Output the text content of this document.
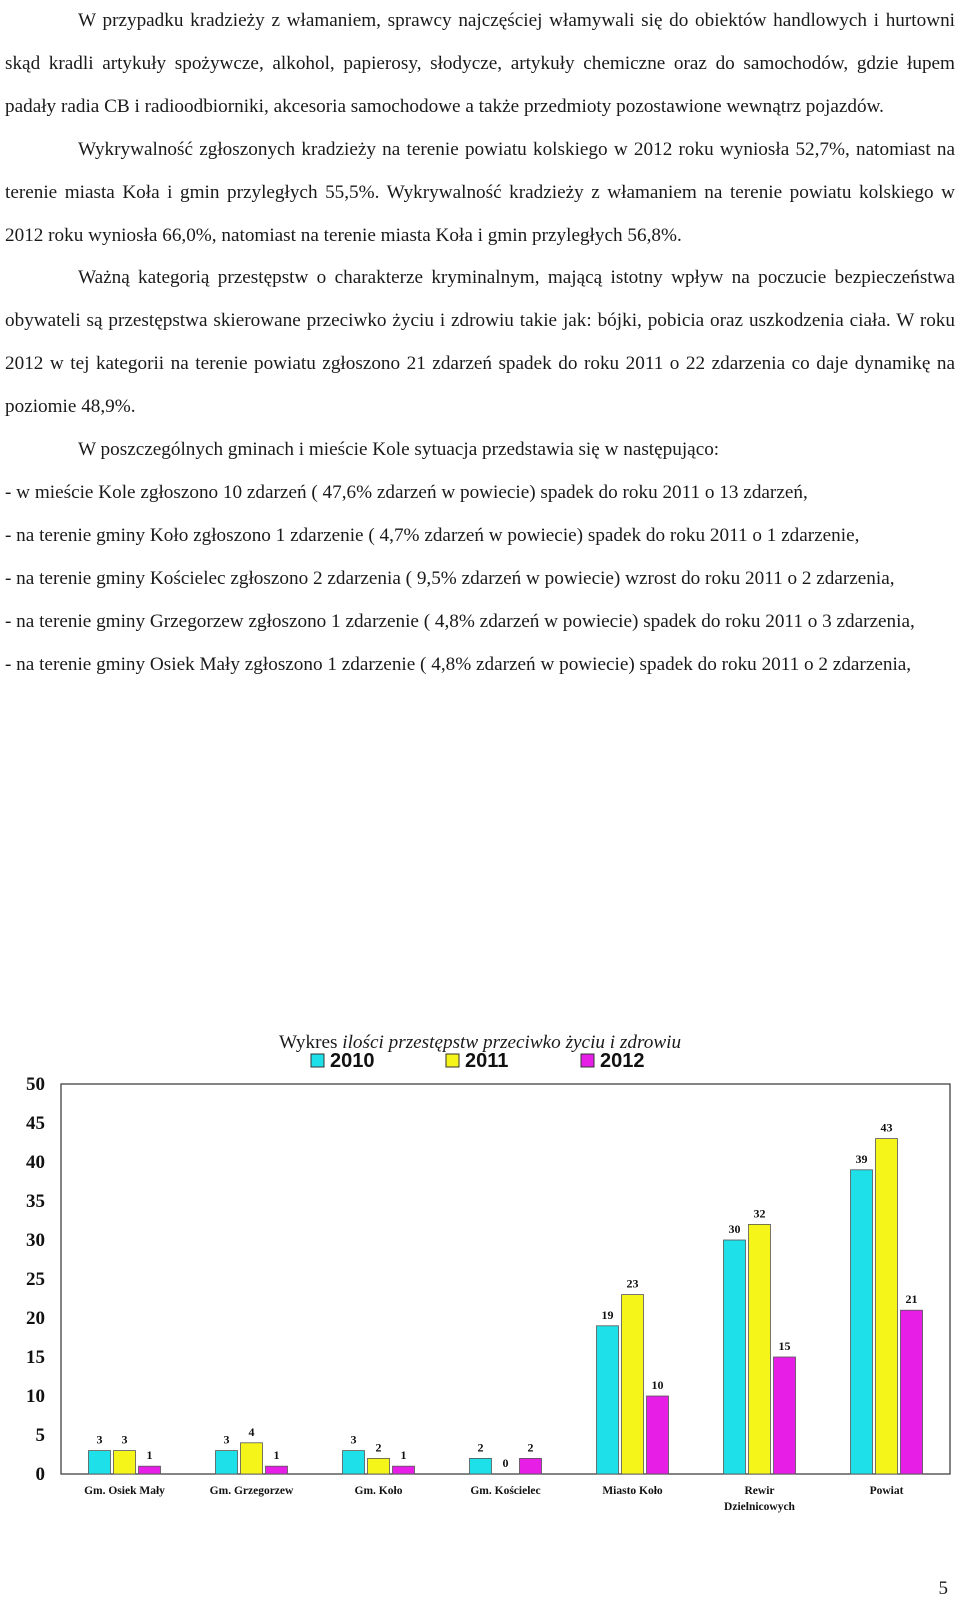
W przypadku kradzieży z włamaniem, sprawcy najczęściej włamywali się do obiektów handlowych i hurtowni skąd kradli artykuły spożywcze, alkohol, papierosy, słodycze, artykuły chemiczne oraz do samochodów, gdzie łupem padały radia CB i radioodbiorniki, akcesoria samochodowe a także przedmioty pozostawione wewnątrz pojazdów.

Wykrywalność zgłoszonych kradzieży na terenie powiatu kolskiego w 2012 roku wyniosła 52,7%, natomiast na terenie miasta Koła i gmin przyległych 55,5%. Wykrywalność kradzieży z włamaniem na terenie powiatu kolskiego w 2012 roku wyniosła 66,0%, natomiast na terenie miasta Koła i gmin przyległych 56,8%.

Ważną kategorią przestępstw o charakterze kryminalnym, mającą istotny wpływ na poczucie bezpieczeństwa obywateli są przestępstwa skierowane przeciwko życiu i zdrowiu takie jak: bójki, pobicia oraz uszkodzenia ciała. W roku 2012 w tej kategorii na terenie powiatu zgłoszono 21 zdarzeń spadek do roku 2011 o 22 zdarzenia co daje dynamikę na poziomie 48,9%.

W poszczególnych gminach i mieście Kole sytuacja przedstawia się w następująco:

- w mieście Kole zgłoszono 10 zdarzeń ( 47,6% zdarzeń w powiecie) spadek do roku 2011 o 13 zdarzeń,

- na terenie gminy Koło zgłoszono 1 zdarzenie ( 4,7% zdarzeń w powiecie) spadek do roku 2011 o 1 zdarzenie,

- na terenie gminy Kościelec zgłoszono 2 zdarzenia ( 9,5% zdarzeń w powiecie) wzrost do roku 2011 o 2 zdarzenia,

- na terenie gminy Grzegorzew zgłoszono 1 zdarzenie ( 4,8% zdarzeń w powiecie) spadek do roku 2011 o 3 zdarzenia,

- na terenie gminy Osiek Mały zgłoszono 1 zdarzenie ( 4,8% zdarzeń w powiecie) spadek do roku 2011 o 2 zdarzenia,

Wykres ilości przestępstw przeciwko życiu i zdrowiu
0
5
10
15
20
25
30
35
40
45
50
2010	2011	2012
3 3
1
Gm. Osiek Mały
3
4
1
Gm. Grzegorzew
3
2
1
Gm. Koło
2
0
2
Gm. Kościelec
19
23
10
Miasto Koło
30
32
15
Rewir
Dzielnicowych
39
43
21
Powiat
5
